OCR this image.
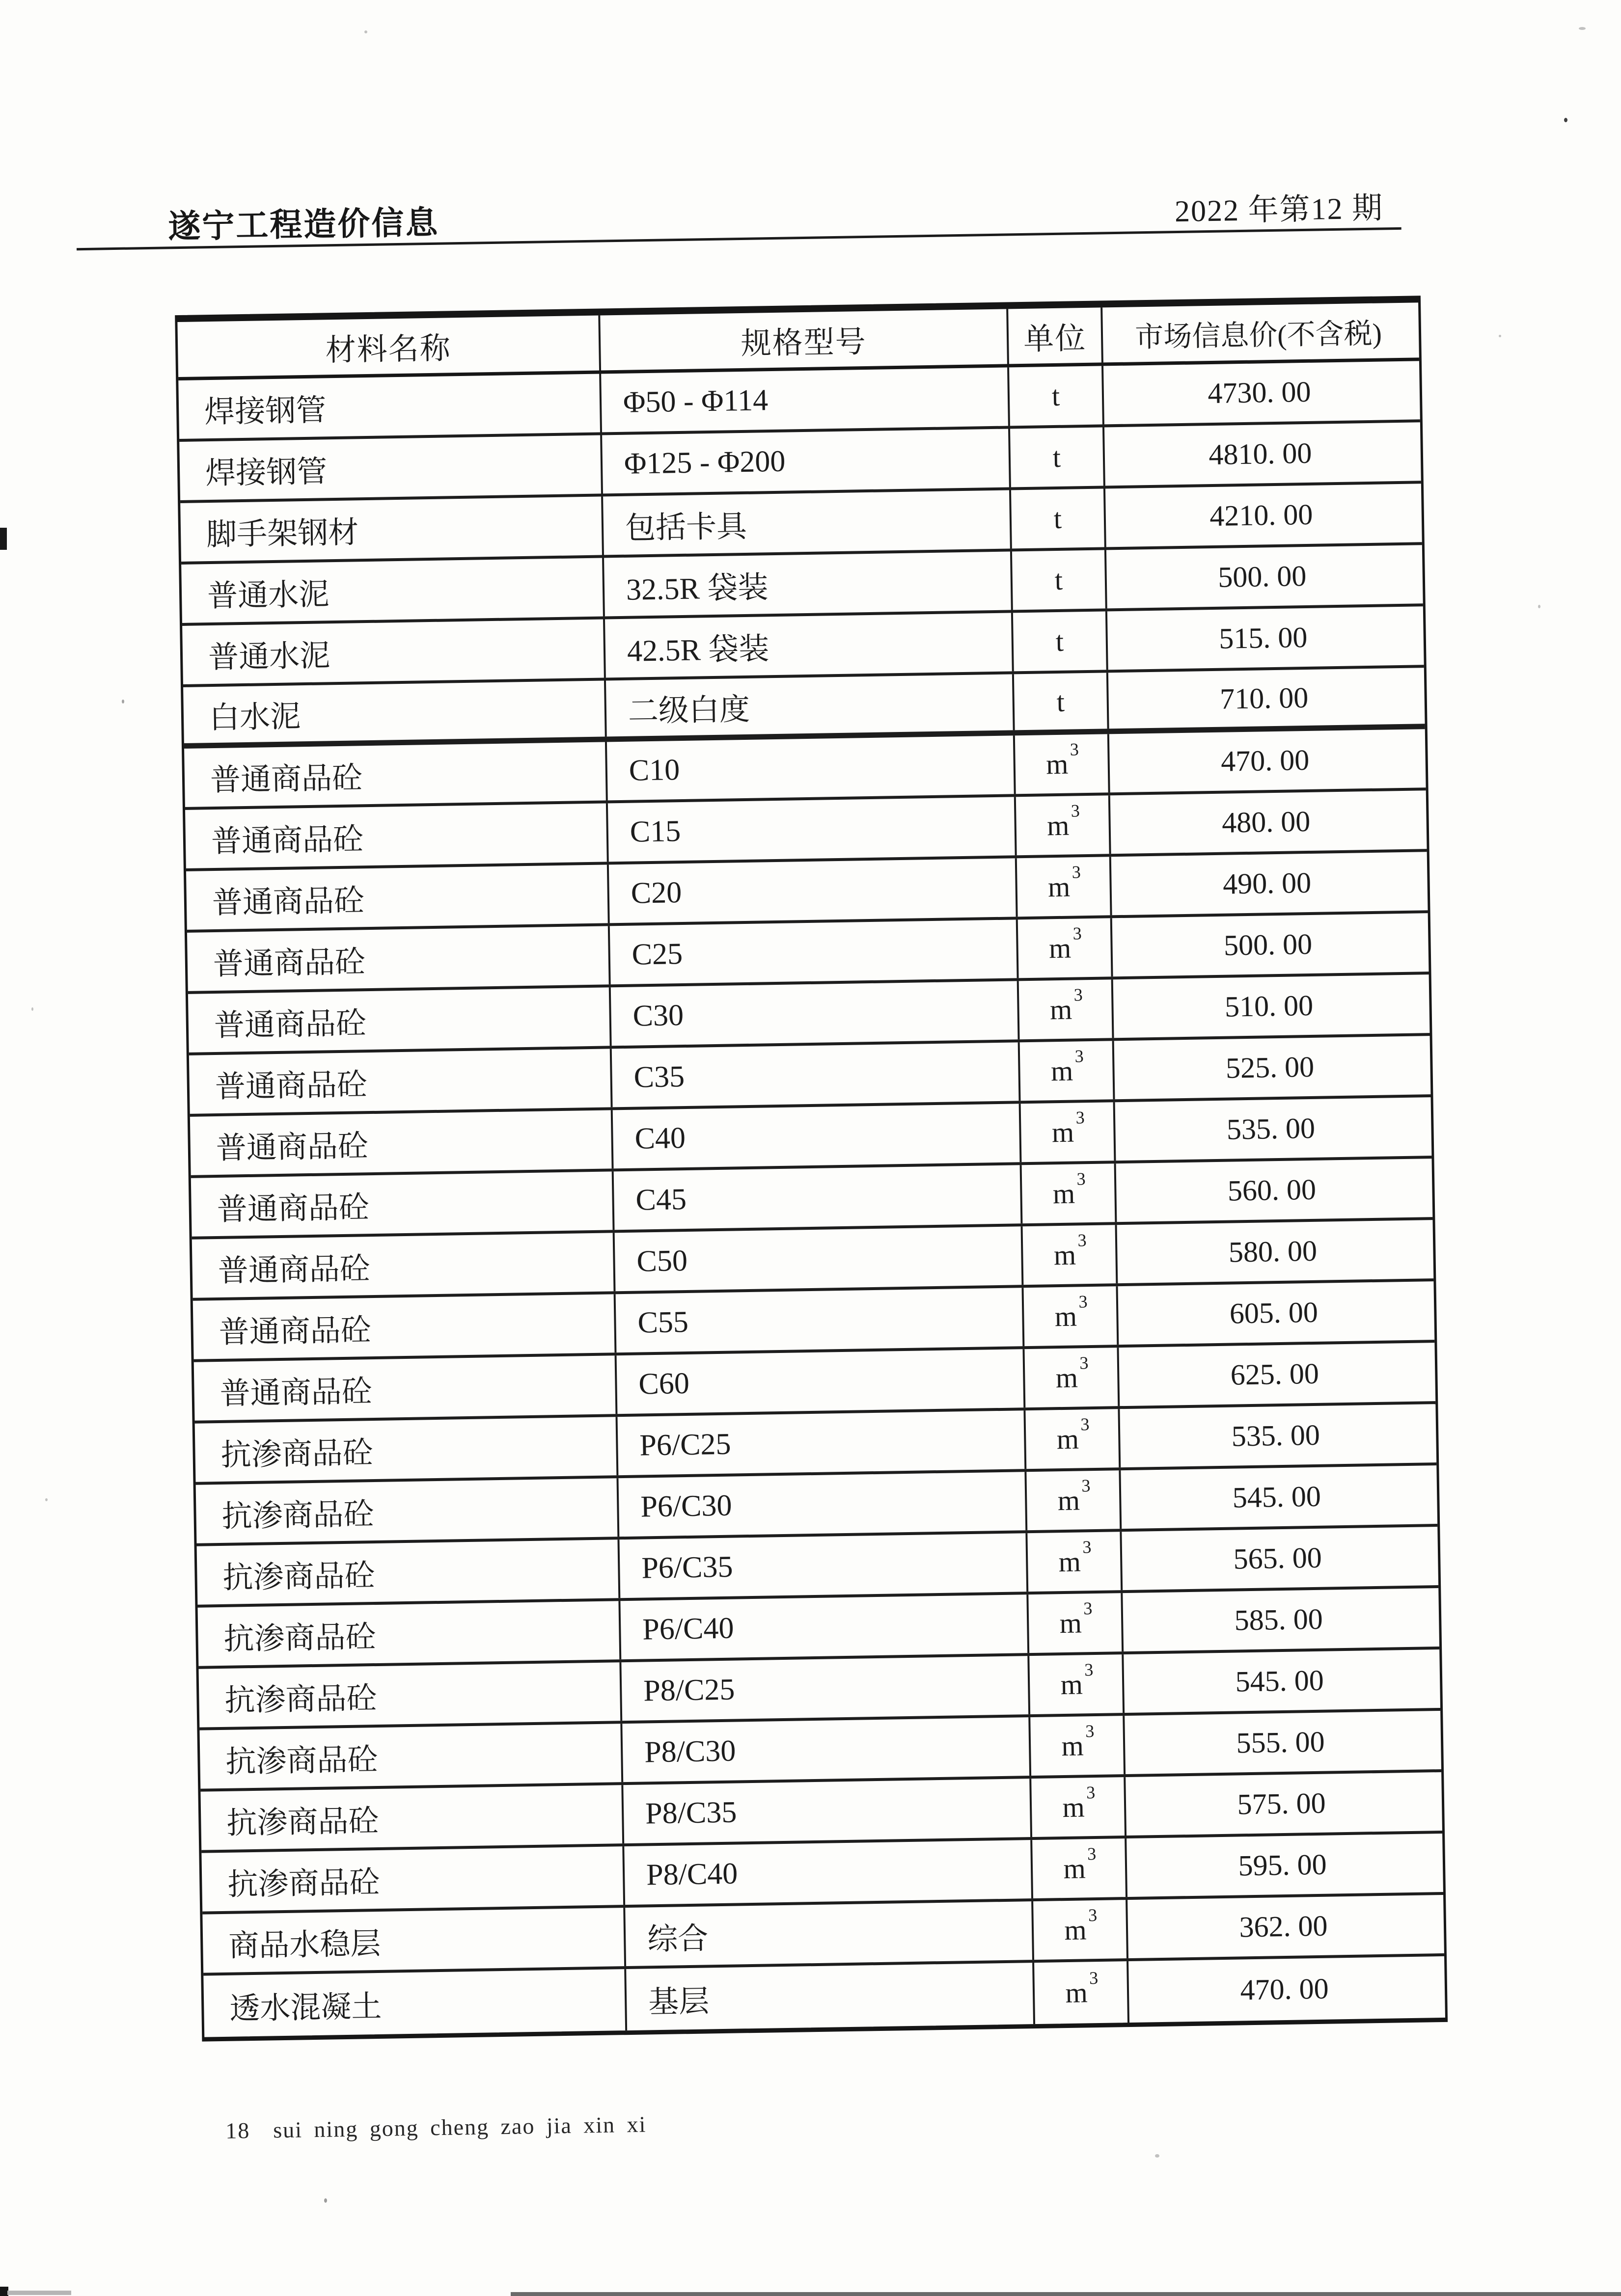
遂宁工程造价信息	2022 年第12 期
材料名称	规格型号	单位	市场信息价(不含税)
焊接钢管	Φ50 - Φ114	t	4730. 00
焊接钢管	Φ125 - Φ200	t	4810. 00
脚手架钢材	包括卡具	t	4210. 00
普通水泥	32.5R 袋装	t	500. 00
普通水泥	42.5R 袋装	t	515. 00
白水泥	二级白度	t	710. 00
普通商品砼	C10	m 3	470. 00
普通商品砼	C15	m 3	480. 00
普通商品砼	C20	m 3	490. 00
普通商品砼	C25	m 3	500. 00
普通商品砼	C30	m 3	510. 00
普通商品砼	C35	m 3	525. 00
普通商品砼	C40	m 3	535. 00
普通商品砼	C45	m 3	560. 00
普通商品砼	C50	m 3	580. 00
普通商品砼	C55	m 3	605. 00
普通商品砼	C60	m 3	625. 00
抗渗商品砼	P6/C25	m 3	535. 00
抗渗商品砼	P6/C30	m 3	545. 00
抗渗商品砼	P6/C35	m 3	565. 00
抗渗商品砼	P6/C40	m 3	585. 00
抗渗商品砼	P8/C25	m 3	545. 00
抗渗商品砼	P8/C30	m 3	555. 00
抗渗商品砼	P8/C35	m 3	575. 00
抗渗商品砼	P8/C40	m 3	595. 00
商品水稳层	综合	m 3	362. 00
透水混凝土	基层	m 3	470. 00
18  sui ning gong cheng zao jia xin xi
